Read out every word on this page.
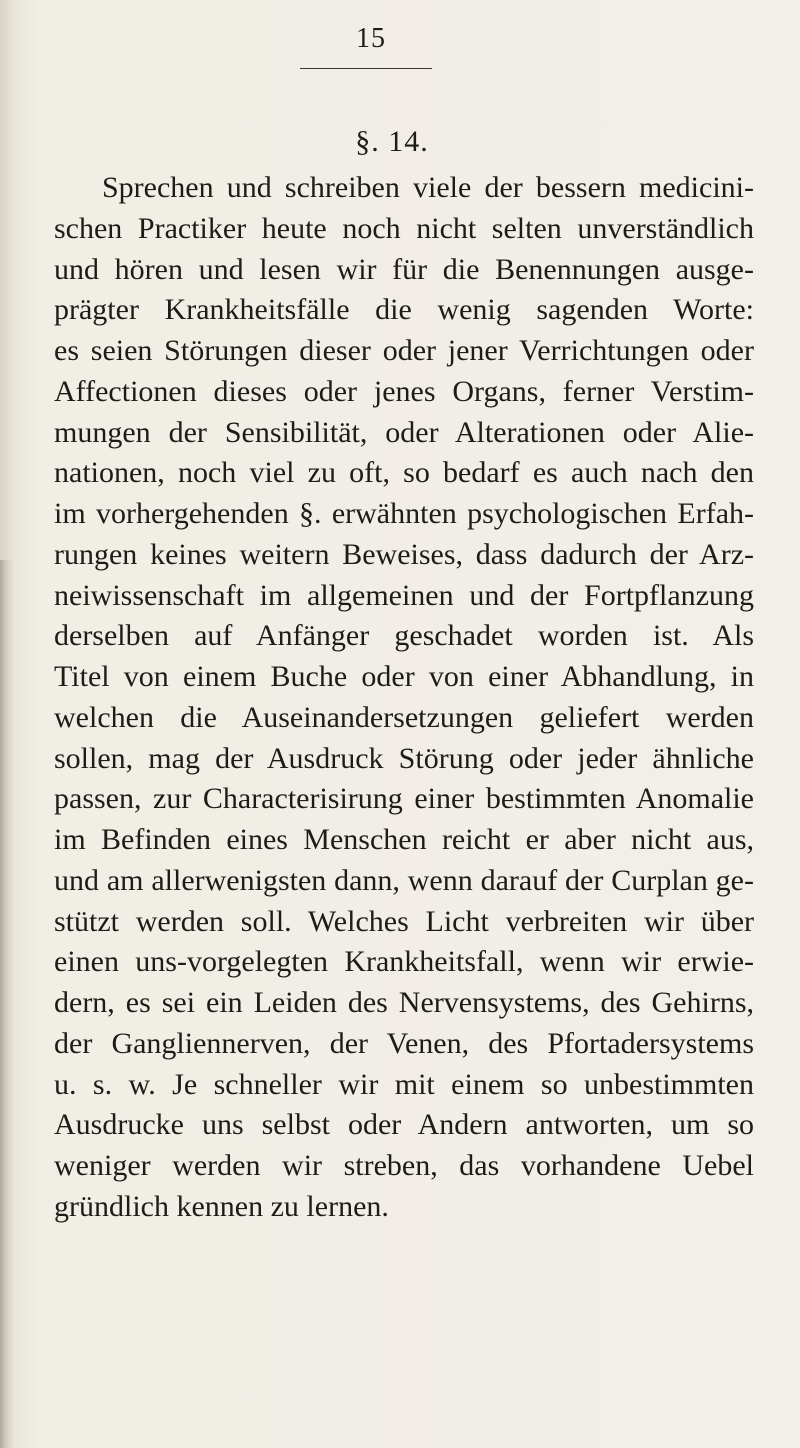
15
§. 14.
Sprechen und schreiben viele der bessern medicini-
schen Practiker heute noch nicht selten unverständlich
und hören und lesen wir für die Benennungen ausge-
prägter Krankheitsfälle die wenig sagenden Worte:
es seien Störungen dieser oder jener Verrichtungen oder
Affectionen dieses oder jenes Organs, ferner Verstim-
mungen der Sensibilität, oder Alterationen oder Alie-
nationen, noch viel zu oft, so bedarf es auch nach den
im vorhergehenden §. erwähnten psychologischen Erfah-
rungen keines weitern Beweises, dass dadurch der Arz-
neiwissenschaft im allgemeinen und der Fortpflanzung
derselben auf Anfänger geschadet worden ist. Als
Titel von einem Buche oder von einer Abhandlung, in
welchen die Auseinandersetzungen geliefert werden
sollen, mag der Ausdruck Störung oder jeder ähnliche
passen, zur Characterisirung einer bestimmten Anomalie
im Befinden eines Menschen reicht er aber nicht aus,
und am allerwenigsten dann, wenn darauf der Curplan ge-
stützt werden soll. Welches Licht verbreiten wir über
einen uns-vorgelegten Krankheitsfall, wenn wir erwie-
dern, es sei ein Leiden des Nervensystems, des Gehirns,
der Gangliennerven, der Venen, des Pfortadersystems
u. s. w. Je schneller wir mit einem so unbestimmten
Ausdrucke uns selbst oder Andern antworten, um so
weniger werden wir streben, das vorhandene Uebel
gründlich kennen zu lernen.
